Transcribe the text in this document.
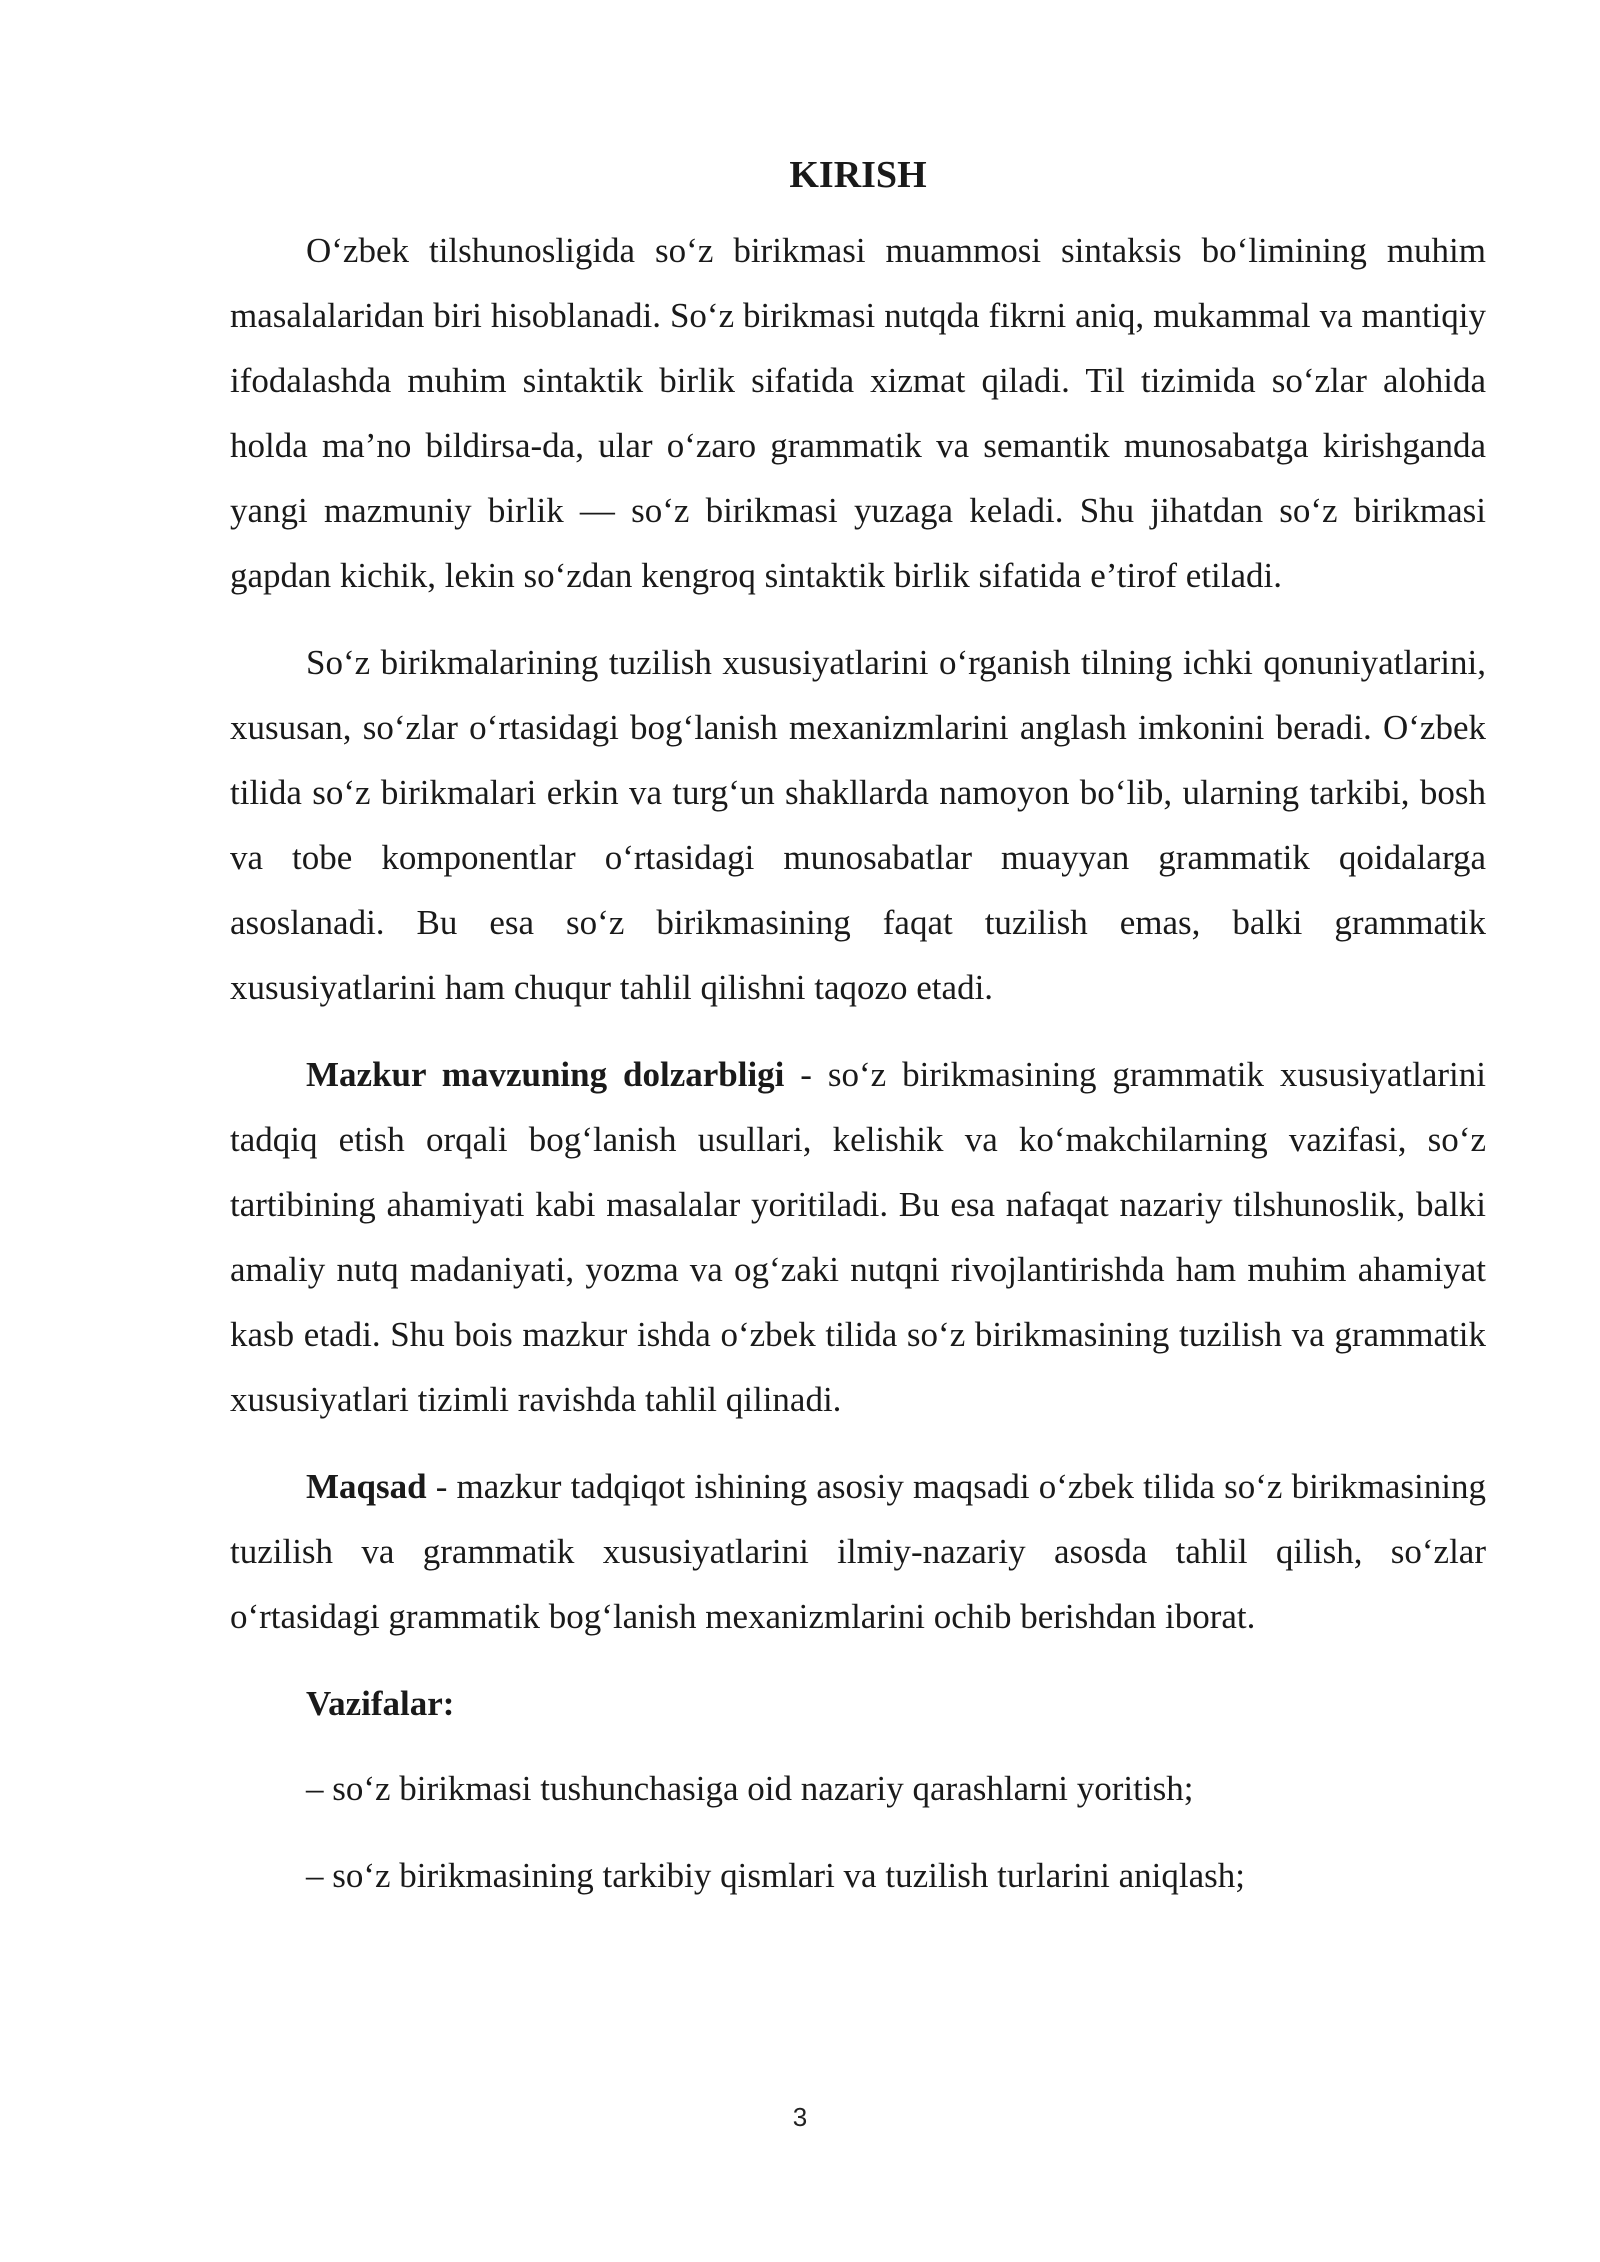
KIRISH

O‘zbek tilshunosligida so‘z birikmasi muammosi sintaksis bo‘limining muhim masalalaridan biri hisoblanadi. So‘z birikmasi nutqda fikrni aniq, mukammal va mantiqiy ifodalashda muhim sintaktik birlik sifatida xizmat qiladi. Til tizimida so‘zlar alohida holda ma’no bildirsa-da, ular o‘zaro grammatik va semantik munosabatga kirishganda yangi mazmuniy birlik — so‘z birikmasi yuzaga keladi. Shu jihatdan so‘z birikmasi gapdan kichik, lekin so‘zdan kengroq sintaktik birlik sifatida e’tirof etiladi.

So‘z birikmalarining tuzilish xususiyatlarini o‘rganish tilning ichki qonuniyatlarini, xususan, so‘zlar o‘rtasidagi bog‘lanish mexanizmlarini anglash imkonini beradi. O‘zbek tilida so‘z birikmalari erkin va turg‘un shakllarda namoyon bo‘lib, ularning tarkibi, bosh va tobe komponentlar o‘rtasidagi munosabatlar muayyan grammatik qoidalarga asoslanadi. Bu esa so‘z birikmasining faqat tuzilish emas, balki grammatik xususiyatlarini ham chuqur tahlil qilishni taqozo etadi.

Mazkur mavzuning dolzarbligi - so‘z birikmasining grammatik xususiyatlarini tadqiq etish orqali bog‘lanish usullari, kelishik va ko‘makchilarning vazifasi, so‘z tartibining ahamiyati kabi masalalar yoritiladi. Bu esa nafaqat nazariy tilshunoslik, balki amaliy nutq madaniyati, yozma va og‘zaki nutqni rivojlantirishda ham muhim ahamiyat kasb etadi. Shu bois mazkur ishda o‘zbek tilida so‘z birikmasining tuzilish va grammatik xususiyatlari tizimli ravishda tahlil qilinadi.

Maqsad - mazkur tadqiqot ishining asosiy maqsadi o‘zbek tilida so‘z birikmasining tuzilish va grammatik xususiyatlarini ilmiy-nazariy asosda tahlil qilish, so‘zlar o‘rtasidagi grammatik bog‘lanish mexanizmlarini ochib berishdan iborat.

Vazifalar:

– so‘z birikmasi tushunchasiga oid nazariy qarashlarni yoritish;

– so‘z birikmasining tarkibiy qismlari va tuzilish turlarini aniqlash;

3
